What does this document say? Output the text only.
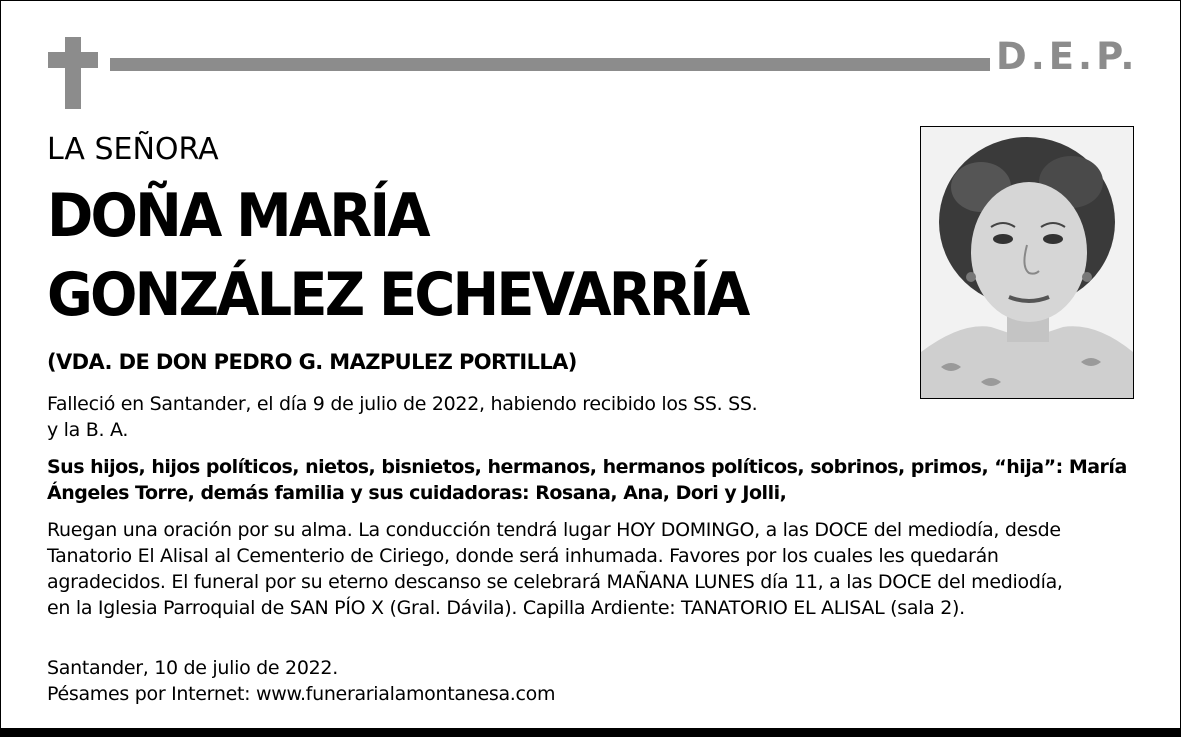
D.E.P.
LA SEÑORA
DOÑA MARÍA
GONZÁLEZ ECHEVARRÍA
(VDA. DE DON PEDRO G. MAZPULEZ PORTILLA)
Falleció en Santander, el día 9 de julio de 2022, habiendo recibido los SS. SS.
y la B. A.
Sus hijos, hijos políticos, nietos, bisnietos, hermanos, hermanos políticos, sobrinos, primos, “hija”: María
Ángeles Torre, demás familia y sus cuidadoras: Rosana, Ana, Dori y Jolli,
Ruegan una oración por su alma. La conducción tendrá lugar HOY DOMINGO, a las DOCE del mediodía, desde
Tanatorio El Alisal al Cementerio de Ciriego, donde será inhumada. Favores por los cuales les quedarán
agradecidos. El funeral por su eterno descanso se celebrará MAÑANA LUNES día 11, a las DOCE del mediodía,
en la Iglesia Parroquial de SAN PÍO X (Gral. Dávila). Capilla Ardiente: TANATORIO EL ALISAL (sala 2).
Santander, 10 de julio de 2022.
Pésames por Internet: www.funerarialamontanesa.com
